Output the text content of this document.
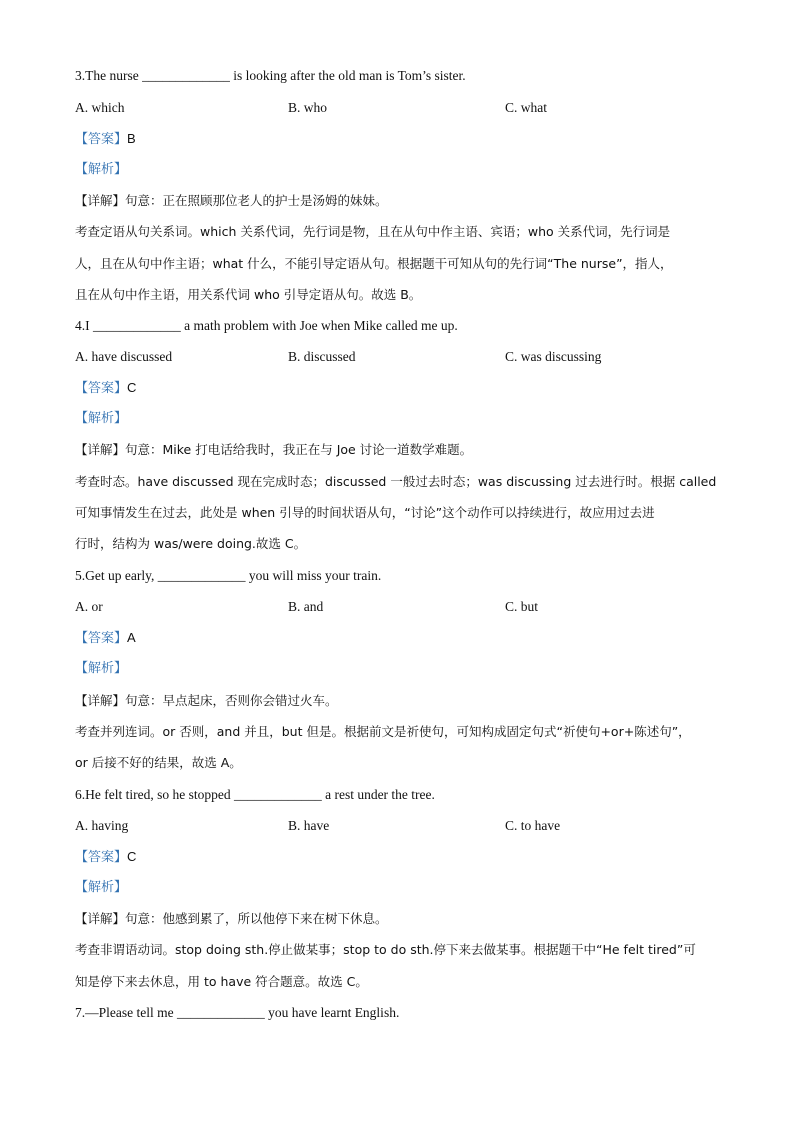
3.The nurse _____________ is looking after the old man is Tom’s sister.
A. which	B. who	C. what
【答案】B
【解析】
【详解】句意：正在照顾那位老人的护士是汤姆的妹妹。
考查定语从句关系词。which 关系代词，先行词是物，且在从句中作主语、宾语；who 关系代词，先行词是
人，且在从句中作主语；what 什么，不能引导定语从句。根据题干可知从句的先行词“The nurse”，指人，
且在从句中作主语，用关系代词 who 引导定语从句。故选 B。
4.I _____________ a math problem with Joe when Mike called me up.
A. have discussed	B. discussed	C. was discussing
【答案】C
【解析】
【详解】句意：Mike 打电话给我时，我正在与 Joe 讨论一道数学难题。
考查时态。have discussed 现在完成时态；discussed 一般过去时态；was discussing 过去进行时。根据 called
可知事情发生在过去，此处是 when 引导的时间状语从句，“讨论”这个动作可以持续进行，故应用过去进
行时，结构为 was/were doing.故选 C。
5.Get up early, _____________ you will miss your train.
A. or	B. and	C. but
【答案】A
【解析】
【详解】句意：早点起床，否则你会错过火车。
考查并列连词。or 否则，and 并且，but 但是。根据前文是祈使句，可知构成固定句式“祈使句+or+陈述句”，
or 后接不好的结果，故选 A。
6.He felt tired, so he stopped _____________ a rest under the tree.
A. having	B. have	C. to have
【答案】C
【解析】
【详解】句意：他感到累了，所以他停下来在树下休息。
考查非谓语动词。stop doing sth.停止做某事；stop to do sth.停下来去做某事。根据题干中“He felt tired”可
知是停下来去休息，用 to have 符合题意。故选 C。
7.—Please tell me _____________ you have learnt English.
